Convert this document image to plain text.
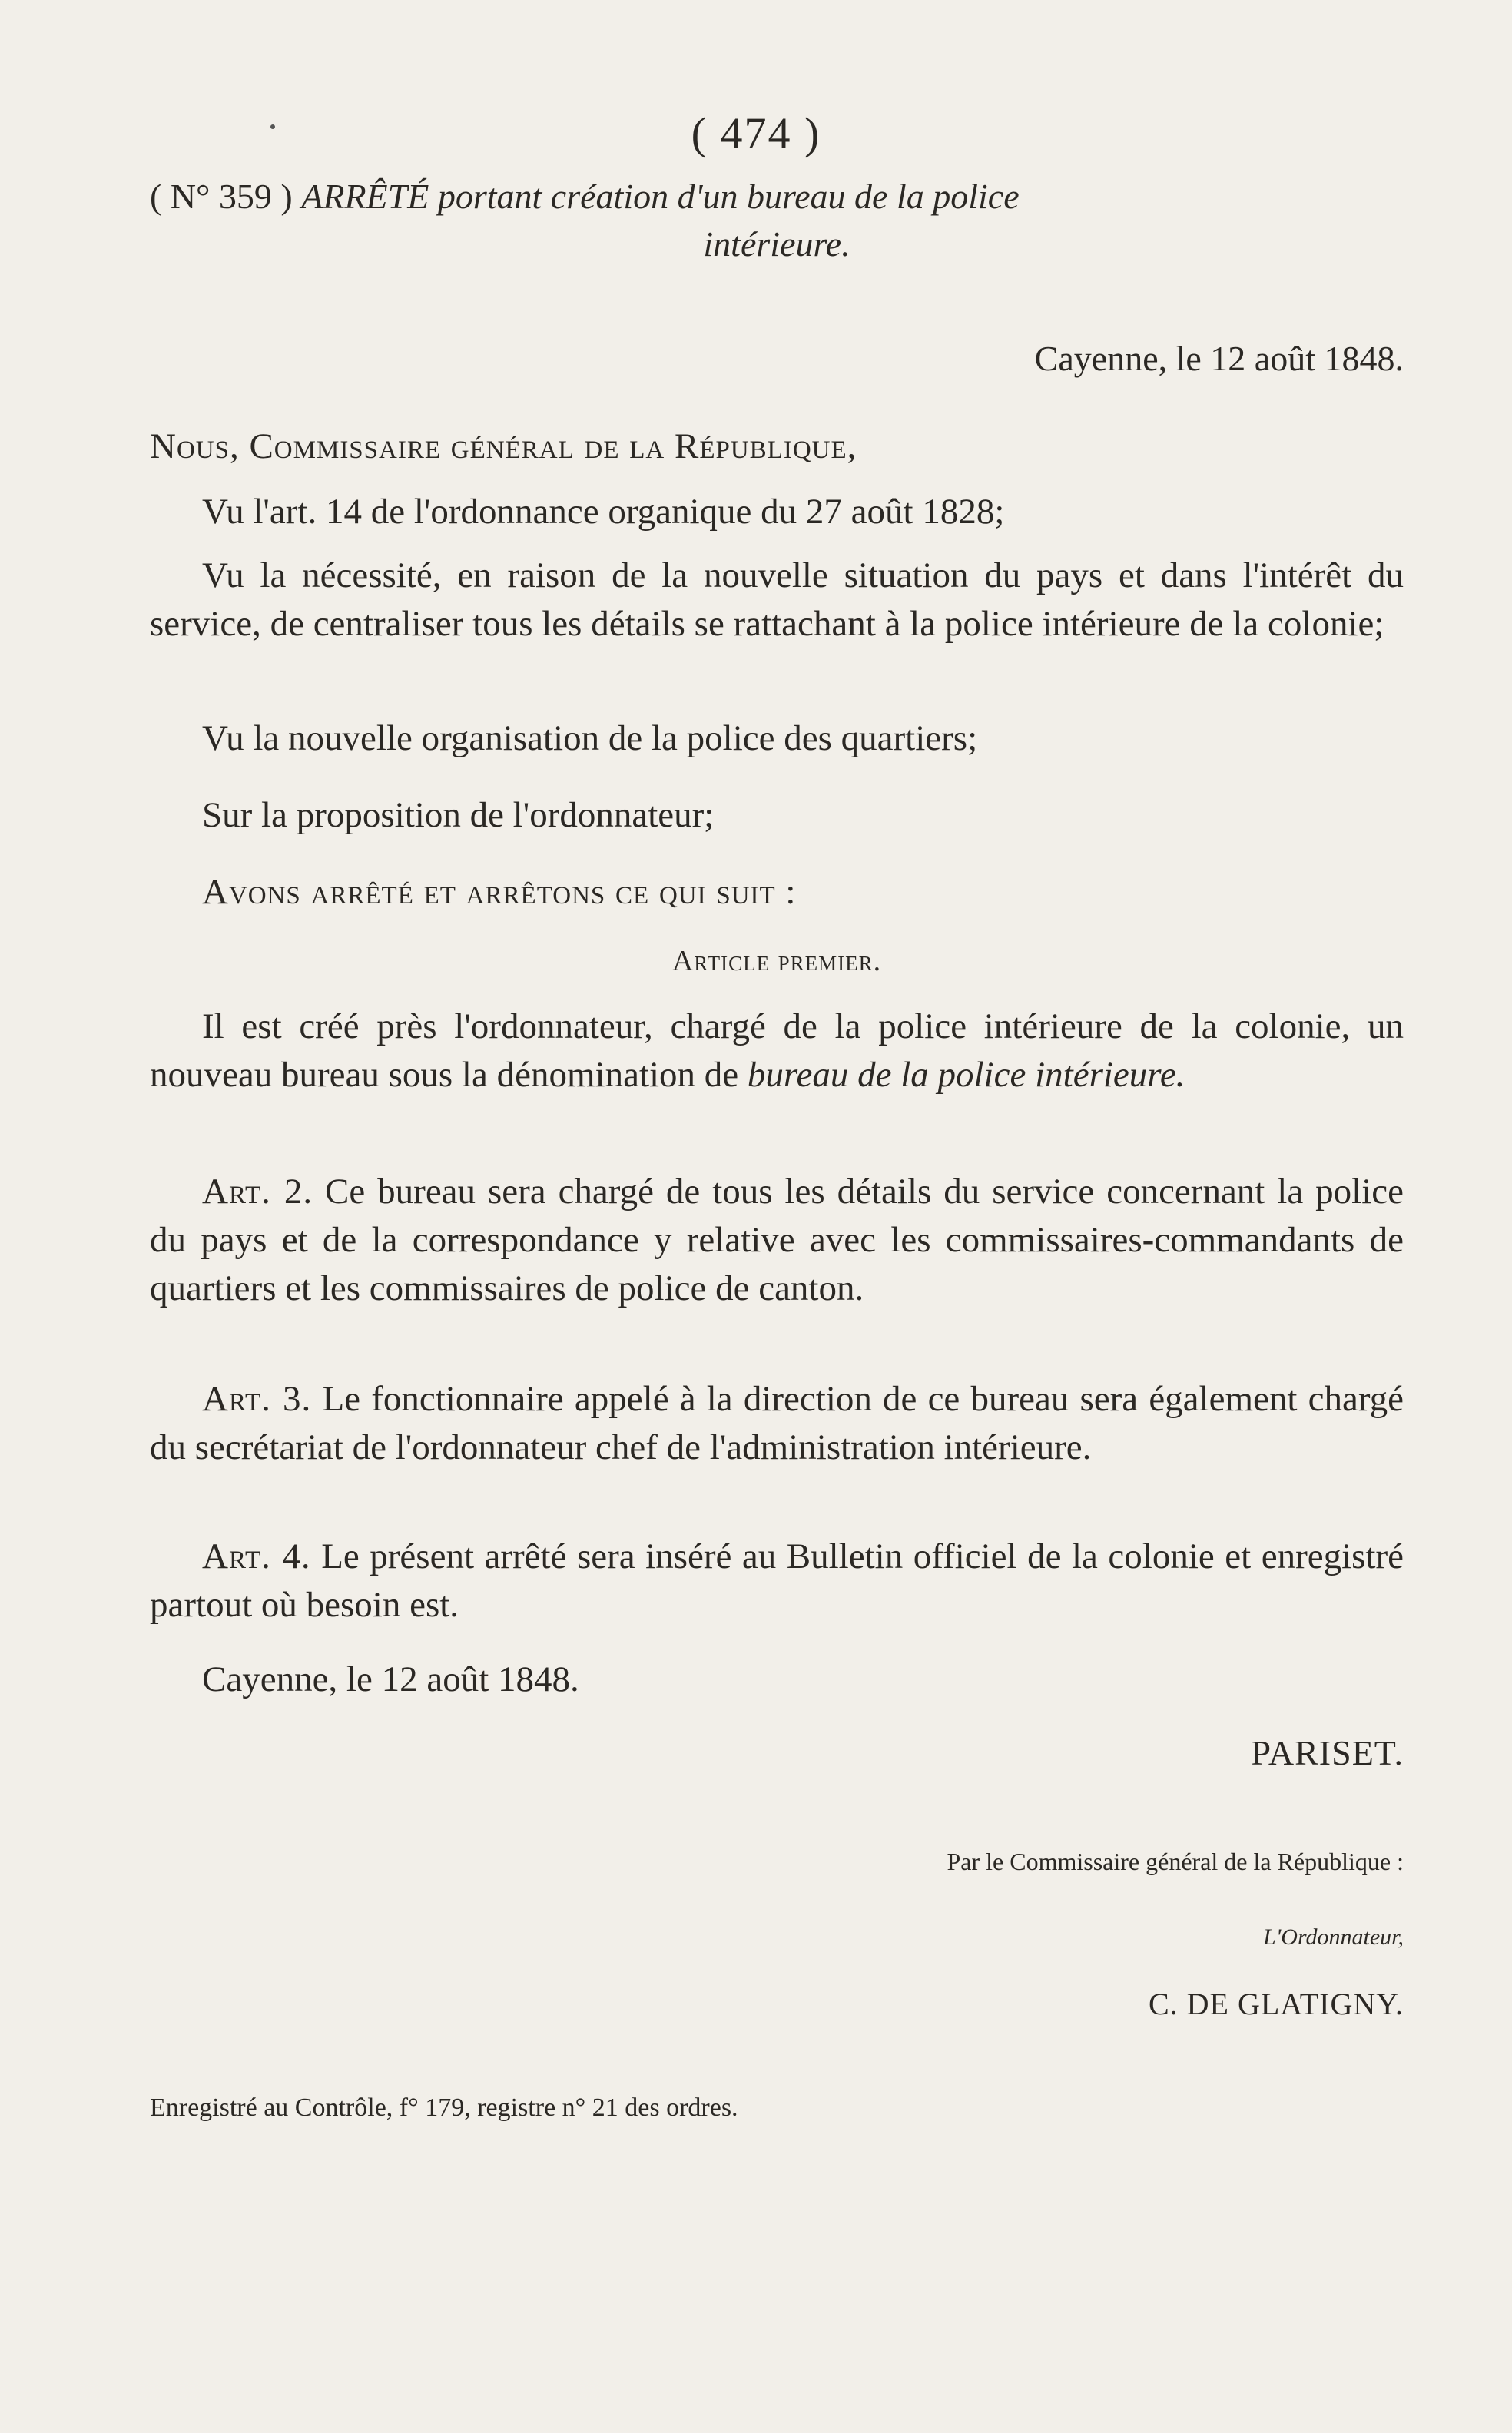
( 474 )
( N° 359 ) ARRÊTÉ portant création d'un bureau de la police
intérieure.
Cayenne, le 12 août 1848.
Nous, Commissaire général de la République,
Vu l'art. 14 de l'ordonnance organique du 27 août 1828;
Vu la nécessité, en raison de la nouvelle situation du pays et dans l'intérêt du service, de centraliser tous les détails se rattachant à la police intérieure de la colonie;
Vu la nouvelle organisation de la police des quartiers;
Sur la proposition de l'ordonnateur;
Avons arrêté et arrêtons ce qui suit :
Article premier.
Il est créé près l'ordonnateur, chargé de la police intérieure de la colonie, un nouveau bureau sous la dénomination de bureau de la police intérieure.
Art. 2. Ce bureau sera chargé de tous les détails du service concernant la police du pays et de la correspondance y relative avec les commissaires-commandants de quartiers et les commissaires de police de canton.
Art. 3. Le fonctionnaire appelé à la direction de ce bureau sera également chargé du secrétariat de l'ordonnateur chef de l'administration intérieure.
Art. 4. Le présent arrêté sera inséré au Bulletin officiel de la colonie et enregistré partout où besoin est.
Cayenne, le 12 août 1848.
PARISET.
Par le Commissaire général de la République :
L'Ordonnateur,
C. DE GLATIGNY.
Enregistré au Contrôle, f° 179, registre n° 21 des ordres.
